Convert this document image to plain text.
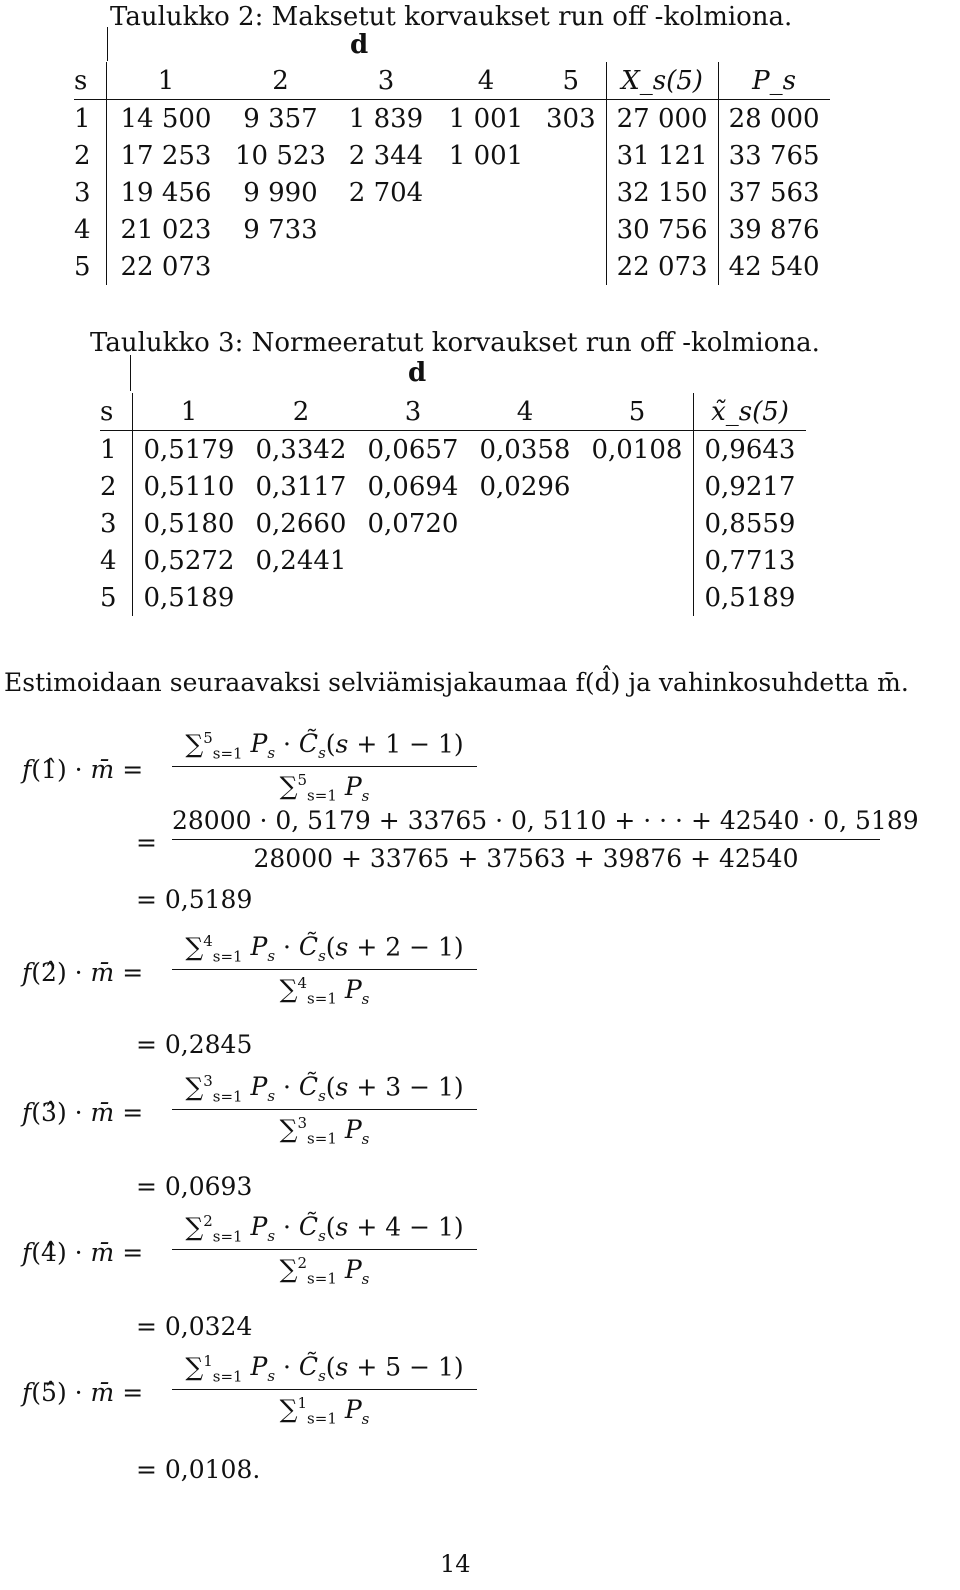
Taulukko 2: Maksetut korvaukset run off -kolmiona.
d
s	1	2	3	4	5	X_s(5)	P_s
1	14 500	9 357	1 839	1 001	303	27 000	28 000
2	17 253	10 523	2 344	1 001		31 121	33 765
3	19 456	9 990	2 704			32 150	37 563
4	21 023	9 733				30 756	39 876
5	22 073					22 073	42 540
Taulukko 3: Normeeratut korvaukset run off -kolmiona.
d
s	1	2	3	4	5	x̃_s(5)
1	0,5179	0,3342	0,0657	0,0358	0,0108	0,9643
2	0,5110	0,3117	0,0694	0,0296		0,9217
3	0,5180	0,2660	0,0720			0,8559
4	0,5272	0,2441				0,7713
5	0,5189					0,5189
Estimoidaan seuraavaksi selviämisjakaumaa f(d̂) ja vahinkosuhdetta m̄.
f(1̂) · m̄ =
∑$^5_{s=1}$ $P_s$ · $C̃_s(s + 1 - 1)$
∑$^5_{s=1}$ $P_s$
=
28000 · 0, 5179 + 33765 · 0, 5110 + · · · + 42540 · 0, 5189
28000 + 33765 + 37563 + 39876 + 42540
= 0,5189
f(2̂) · m̄ =
∑$^4_{s=1}$ $P_s$ · $C̃_s(s + 2 - 1)$
∑$^4_{s=1}$ $P_s$
= 0,2845
f(3̂) · m̄ =
∑$^3_{s=1}$ $P_s$ · $C̃_s(s + 3 - 1)$
∑$^3_{s=1}$ $P_s$
= 0,0693
f(4̂) · m̄ =
∑$^2_{s=1}$ $P_s$ · $C̃_s(s + 4 - 1)$
∑$^2_{s=1}$ $P_s$
= 0,0324
f(5̂) · m̄ =
∑$^1_{s=1}$ $P_s$ · $C̃_s(s + 5 - 1)$
∑$^1_{s=1}$ $P_s$
= 0,0108.
14
